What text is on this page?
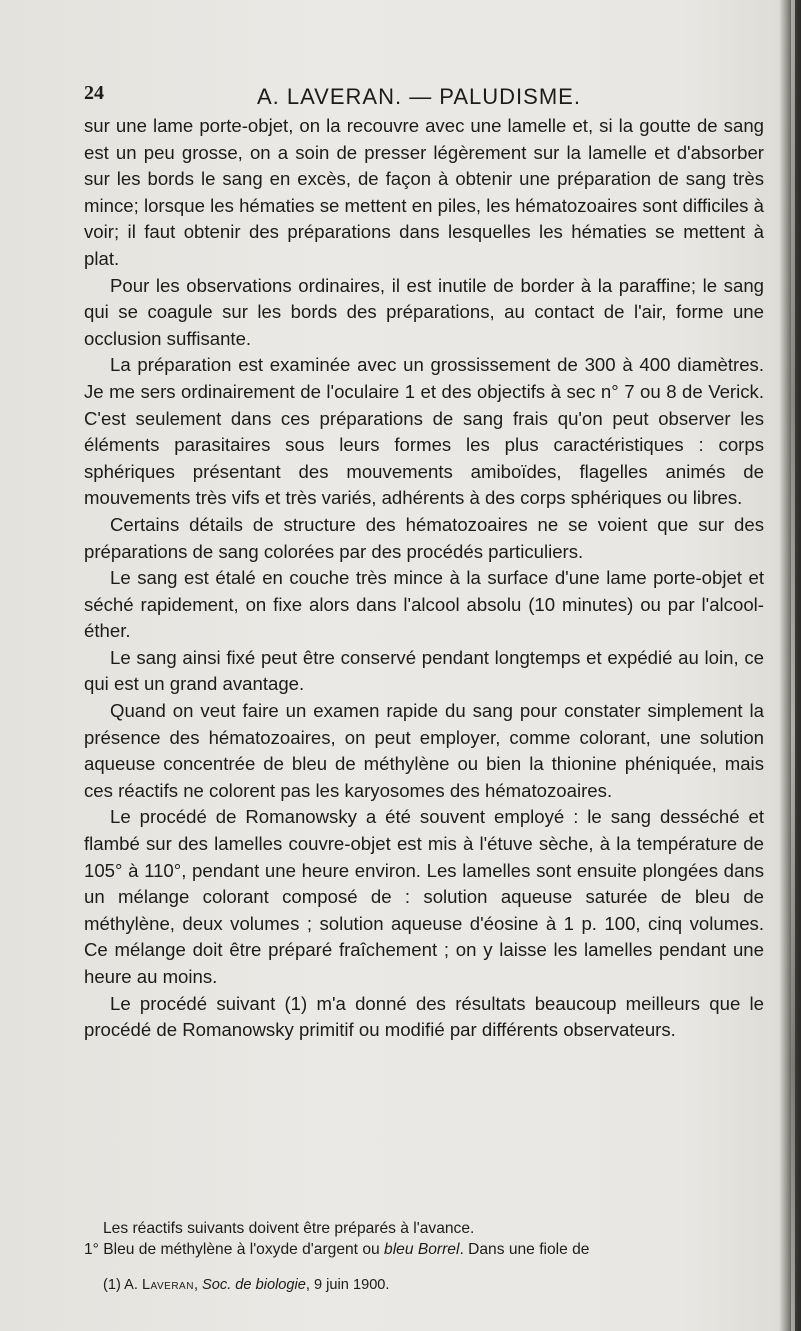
24	A. LAVERAN. — PALUDISME.

sur une lame porte-objet, on la recouvre avec une lamelle et, si la goutte de sang est un peu grosse, on a soin de presser légèrement sur la lamelle et d'absorber sur les bords le sang en excès, de façon à obtenir une préparation de sang très mince; lorsque les hématies se mettent en piles, les hématozoaires sont difficiles à voir; il faut obtenir des préparations dans lesquelles les hématies se mettent à plat.

Pour les observations ordinaires, il est inutile de border à la paraffine; le sang qui se coagule sur les bords des préparations, au contact de l'air, forme une occlusion suffisante.

La préparation est examinée avec un grossissement de 300 à 400 diamètres. Je me sers ordinairement de l'oculaire 1 et des objectifs à sec n° 7 ou 8 de Verick. C'est seulement dans ces préparations de sang frais qu'on peut observer les éléments parasitaires sous leurs formes les plus caractéristiques : corps sphériques présentant des mouvements amiboïdes, flagelles animés de mouvements très vifs et très variés, adhérents à des corps sphériques ou libres.

Certains détails de structure des hématozoaires ne se voient que sur des préparations de sang colorées par des procédés particuliers.

Le sang est étalé en couche très mince à la surface d'une lame porte-objet et séché rapidement, on fixe alors dans l'alcool absolu (10 minutes) ou par l'alcool-éther.

Le sang ainsi fixé peut être conservé pendant longtemps et expédié au loin, ce qui est un grand avantage.

Quand on veut faire un examen rapide du sang pour constater simplement la présence des hématozoaires, on peut employer, comme colorant, une solution aqueuse concentrée de bleu de méthylène ou bien la thionine phéniquée, mais ces réactifs ne colorent pas les karyosomes des hématozoaires.

Le procédé de Romanowsky a été souvent employé : le sang desséché et flambé sur des lamelles couvre-objet est mis à l'étuve sèche, à la température de 105° à 110°, pendant une heure environ. Les lamelles sont ensuite plongées dans un mélange colorant composé de : solution aqueuse saturée de bleu de méthylène, deux volumes ; solution aqueuse d'éosine à 1 p. 100, cinq volumes. Ce mélange doit être préparé fraîchement ; on y laisse les lamelles pendant une heure au moins.

Le procédé suivant (1) m'a donné des résultats beaucoup meilleurs que le procédé de Romanowsky primitif ou modifié par différents observateurs.

Les réactifs suivants doivent être préparés à l'avance.

1° Bleu de méthylène à l'oxyde d'argent ou bleu Borrel. Dans une fiole de

(1) A. Laveran, Soc. de biologie, 9 juin 1900.
